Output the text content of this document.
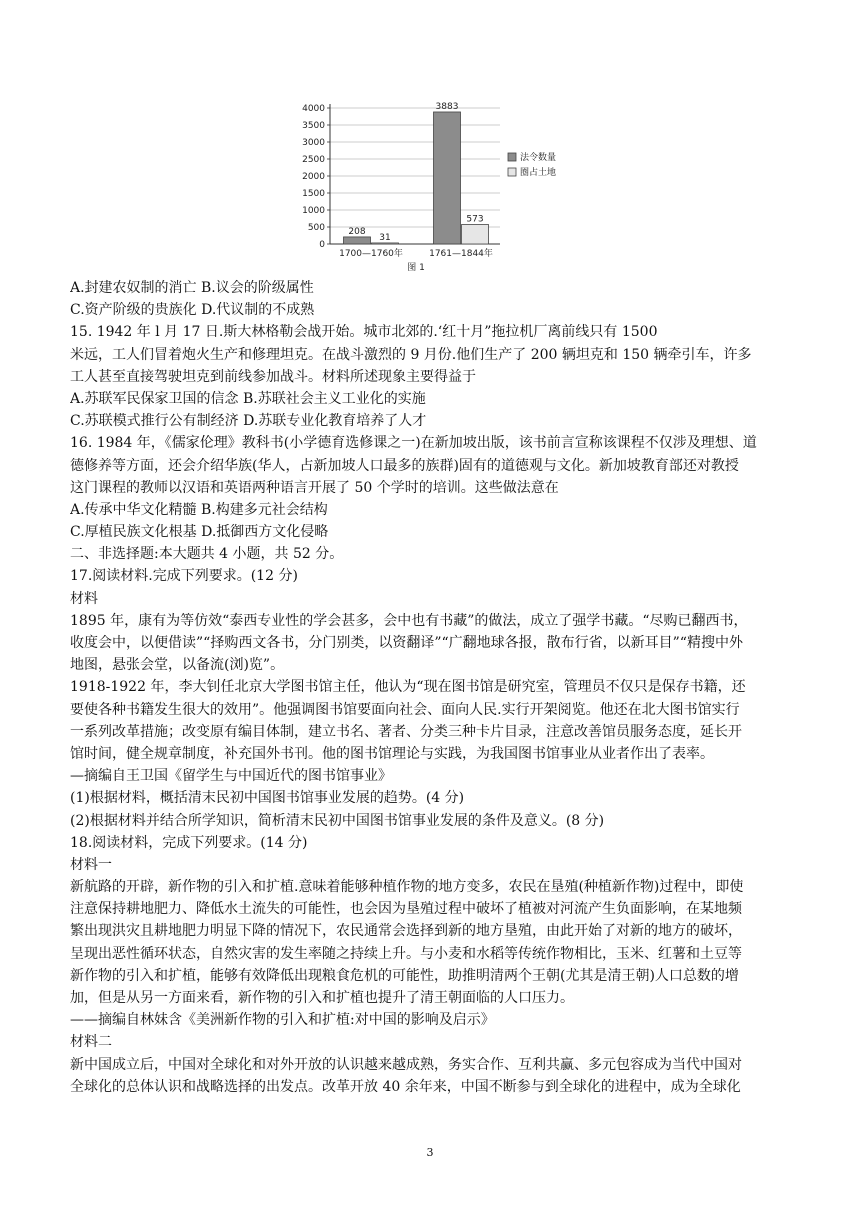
0
500
1000
1500
2000
2500
3000
3500
4000
208
31
1700—1760年
3883
573
1761—1844年
法令数量
圈占土地
图 1
A.封建农奴制的消亡 B.议会的阶级属性
C.资产阶级的贵族化 D.代议制的不成熟
15. 1942 年 l 月 17 日.斯大林格勒会战开始。城市北郊的.‘红十月”拖拉机厂离前线只有 1500
米远，工人们冒着炮火生产和修理坦克。在战斗激烈的 9 月份.他们生产了 200 辆坦克和 150 辆牵引车，许多
工人甚至直接驾驶坦克到前线参加战斗。材料所述现象主要得益于
A.苏联军民保家卫国的信念 B.苏联社会主义工业化的实施
C.苏联模式推行公有制经济 D.苏联专业化教育培养了人才
16. 1984 年，《儒家伦理》教科书(小学德育选修课之一)在新加坡出版，该书前言宣称该课程不仅涉及理想、道
德修养等方面，还会介绍华族(华人，占新加坡人口最多的族群)固有的道德观与文化。新加坡教育部还对教授
这门课程的教师以汉语和英语两种语言开展了 50 个学时的培训。这些做法意在
A.传承中华文化精髓 B.构建多元社会结构
C.厚植民族文化根基 D.抵御西方文化侵略
二、非选择题:本大题共 4 小题，共 52 分。
17.阅读材料.完成下列要求。(12 分)
材料
1895 年，康有为等仿效“泰西专业性的学会甚多，会中也有书藏”的做法，成立了强学书藏。“尽购已翻西书，
收度会中，以便借读”“择购西文各书，分门别类，以资翻译”“广翻地球各报，散布行省，以新耳目”“精搜中外
地图，悬张会堂，以备流(浏)览”。
1918-1922 年，李大钊任北京大学图书馆主任，他认为“现在图书馆是研究室，管理员不仅只是保存书籍，还
要使各种书籍发生很大的效用”。他强调图书馆要面向社会、面向人民.实行开架阅览。他还在北大图书馆实行
一系列改革措施；改变原有编目体制，建立书名、著者、分类三种卡片目录，注意改善馆员服务态度，延长开
馆时间，健全规章制度，补充国外书刊。他的图书馆理论与实践，为我国图书馆事业从业者作出了表率。
—摘编自王卫国《留学生与中国近代的图书馆事业》
(1)根据材料，概括清末民初中国图书馆事业发展的趋势。(4 分)
(2)根据材料并结合所学知识，简析清末民初中国图书馆事业发展的条件及意义。(8 分)
18.阅读材料，完成下列要求。(14 分)
材料一
新航路的开辟，新作物的引入和扩植.意味着能够种植作物的地方变多，农民在垦殖(种植新作物)过程中，即使
注意保持耕地肥力、降低水土流失的可能性，也会因为垦殖过程中破坏了植被对河流产生负面影响，在某地频
繁出现洪灾且耕地肥力明显下降的情况下，农民通常会选择到新的地方垦殖，由此开始了对新的地方的破坏，
呈现出恶性循环状态，自然灾害的发生率随之持续上升。与小麦和水稻等传统作物相比，玉米、红薯和土豆等
新作物的引入和扩植，能够有效降低出现粮食危机的可能性，助推明清两个王朝(尤其是清王朝)人口总数的增
加，但是从另一方面来看，新作物的引入和扩植也提升了清王朝面临的人口压力。
——摘编自林妹含《美洲新作物的引入和扩植:对中国的影响及启示》
材料二
新中国成立后，中国对全球化和对外开放的认识越来越成熟，务实合作、互利共赢、多元包容成为当代中国对
全球化的总体认识和战略选择的出发点。改革开放 40 余年来，中国不断参与到全球化的进程中，成为全球化
3
